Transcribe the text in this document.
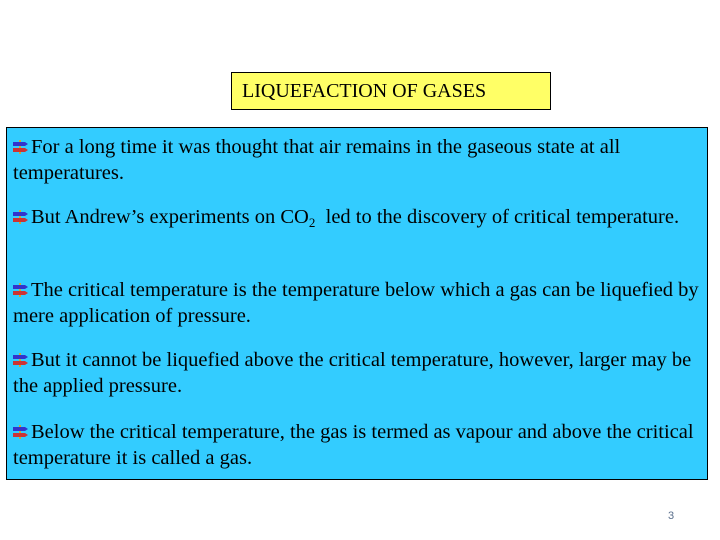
LIQUEFACTION OF GASES
For a long time it was thought that air remains in the gaseous state at all temperatures.
But Andrew’s experiments on $CO_2$  led to the discovery of critical temperature.
The critical temperature is the temperature below which a gas can be liquefied by mere application of pressure.
But it cannot be liquefied above the critical temperature, however, larger may be the applied pressure.
Below the critical temperature, the gas is termed as vapour and above the critical temperature it is called a gas.
3
